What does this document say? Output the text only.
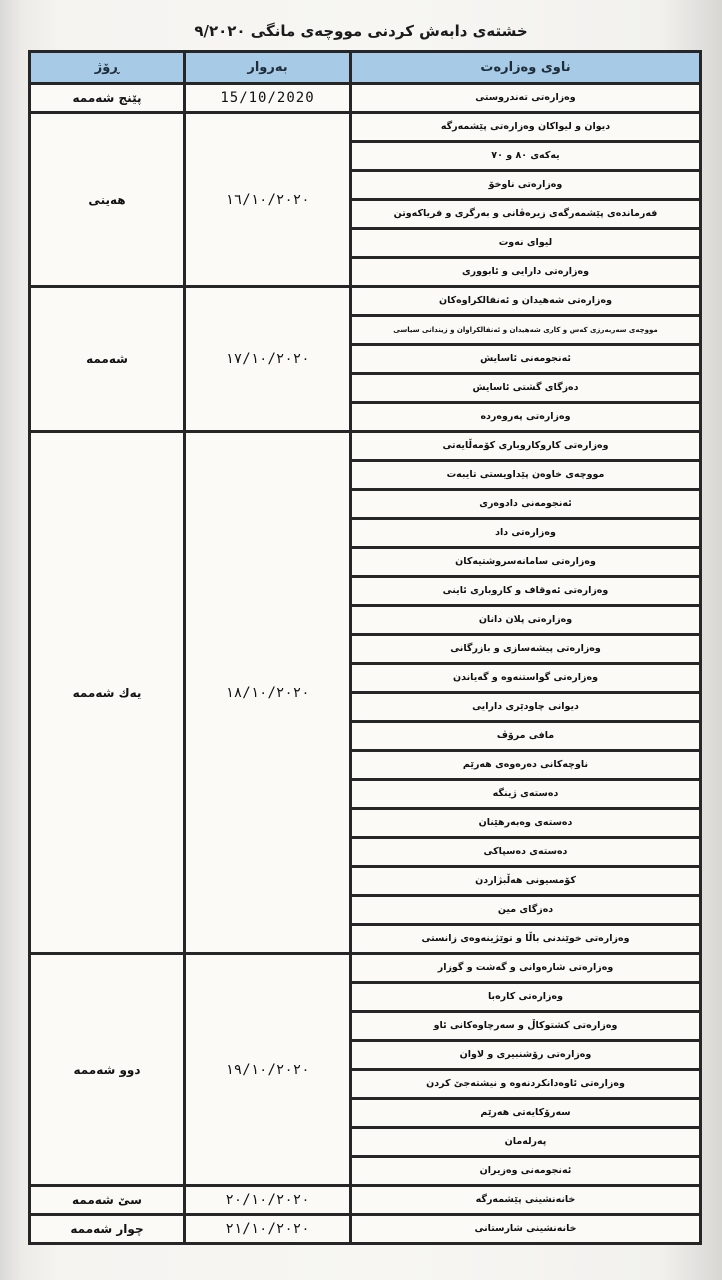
خشتەی دابەش کردنی مووچەی مانگی ٩/٢٠٢٠
ڕۆژ	بەروار	ناوی وەزارەت
پێنج شەممە	15/10/2020	وەزارەتی تەندروستی
هەینی	١٦/١٠/٢٠٢٠	دیوان و لیواکان وەزارەتی پێشمەرگە
		یەکەی ٨٠ و ٧٠
		وەزارەتی ناوخۆ
		فەرماندەی پێشمەرگەی زیرەڤانی و بەرگری و فریاکەوتن
		لیوای نەوت
		وەزارەتی دارایی و ئابووری
شەممە	١٧/١٠/٢٠٢٠	وەزارەتی شەهیدان و ئەنفالکراوەکان
		مووچەی سەربەرزی کەس و کاری شەهیدان و ئەنفالکراوان و زیندانی سیاسی
		ئەنجومەنی ئاسایش
		دەزگای گشتی ئاسایش
		وەزارەتی پەروەردە
یەك شەممە	١٨/١٠/٢٠٢٠	وەزارەتی کاروکاروباری کۆمەڵایەتی
		مووچەی خاوەن پێداویستی تایبەت
		ئەنجومەنی دادوەری
		وەزارەتی داد
		وەزارەتی سامانەسروشتیەکان
		وەزارەتی ئەوقاف و کاروباری ئاینی
		وەزارەتی پلان دانان
		وەزارەتی پیشەسازی و بازرگانی
		وەزارەتی گواستنەوە و گەیاندن
		دیوانی چاودێری دارایی
		مافی مرۆڤ
		ناوچەکانی دەرەوەی هەرێم
		دەستەی ژینگە
		دەستەی وەبەرهێنان
		دەستەی دەسپاکی
		کۆمسیونی هەڵبژاردن
		دەزگای مین
		وەزارەتی خوێندنی باڵا و توێژینەوەی زانستی
دوو شەممە	١٩/١٠/٢٠٢٠	وەزارەتی شارەوانی و گەشت و گوزار
		وەزارەتی کارەبا
		وەزارەتی کشتوکاڵ و سەرچاوەکانی ئاو
		وەزارەتی رۆشنبیری و لاوان
		وەزارەتی ئاوەدانکردنەوە و نیشتەجێ کردن
		سەرۆکایەتی هەرێم
		پەرلەمان
		ئەنجومەنی وەزیران
سێ شەممە	٢٠/١٠/٢٠٢٠	خانەنشینی پێشمەرگە
چوار شەممە	٢١/١٠/٢٠٢٠	خانەنشینی شارستانی
